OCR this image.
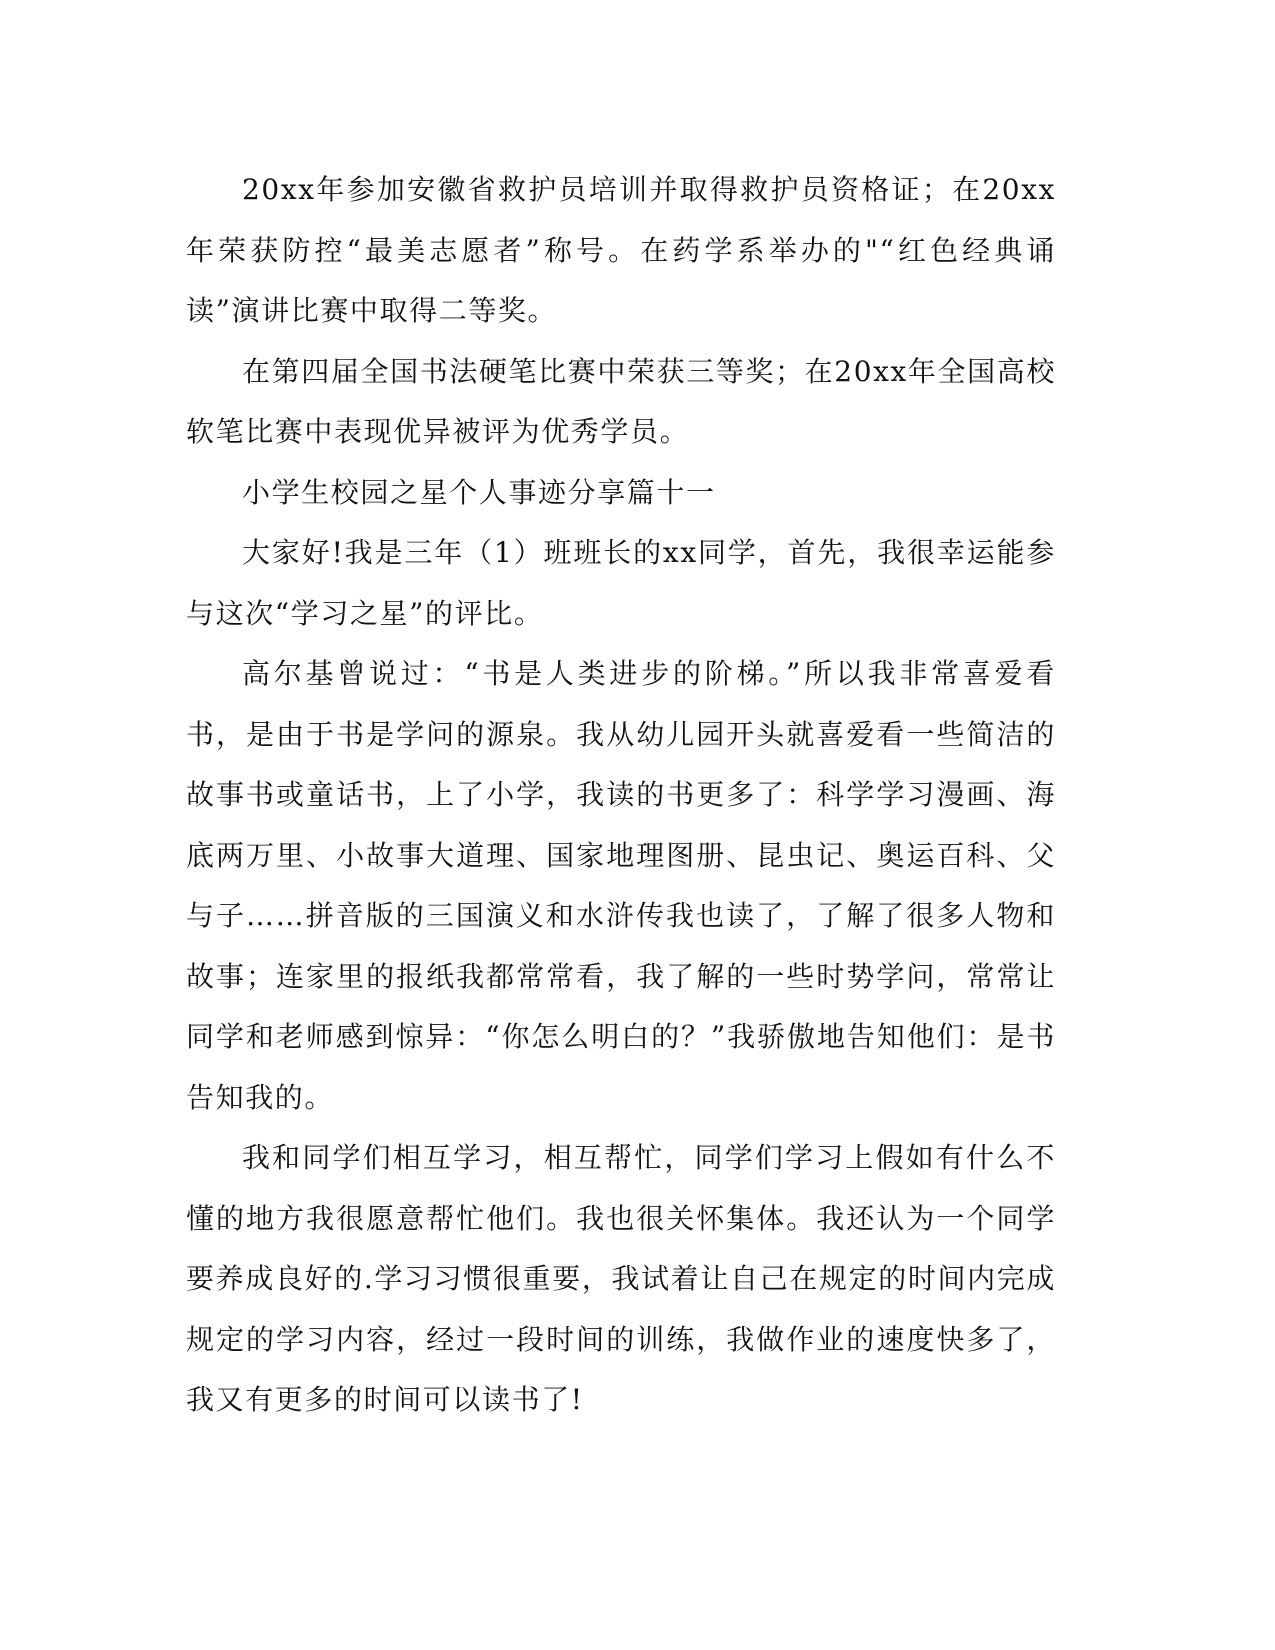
20xx年参加安徽省救护员培训并取得救护员资格证；在20xx年荣获防控“最美志愿者”称号。在药学系举办的"“红色经典诵读”演讲比赛中取得二等奖。

在第四届全国书法硬笔比赛中荣获三等奖；在20xx年全国高校软笔比赛中表现优异被评为优秀学员。

小学生校园之星个人事迹分享篇十一

大家好!我是三年（1）班班长的xx同学，首先，我很幸运能参与这次“学习之星”的评比。

高尔基曾说过：“书是人类进步的阶梯。”所以我非常喜爱看书，是由于书是学问的源泉。我从幼儿园开头就喜爱看一些简洁的故事书或童话书，上了小学，我读的书更多了：科学学习漫画、海底两万里、小故事大道理、国家地理图册、昆虫记、奥运百科、父与子……拼音版的三国演义和水浒传我也读了，了解了很多人物和故事；连家里的报纸我都常常看，我了解的一些时势学问，常常让同学和老师感到惊异：“你怎么明白的？”我骄傲地告知他们：是书告知我的。

我和同学们相互学习，相互帮忙，同学们学习上假如有什么不懂的地方我很愿意帮忙他们。我也很关怀集体。我还认为一个同学要养成良好的.学习习惯很重要，我试着让自己在规定的时间内完成规定的学习内容，经过一段时间的训练，我做作业的速度快多了，我又有更多的时间可以读书了!
